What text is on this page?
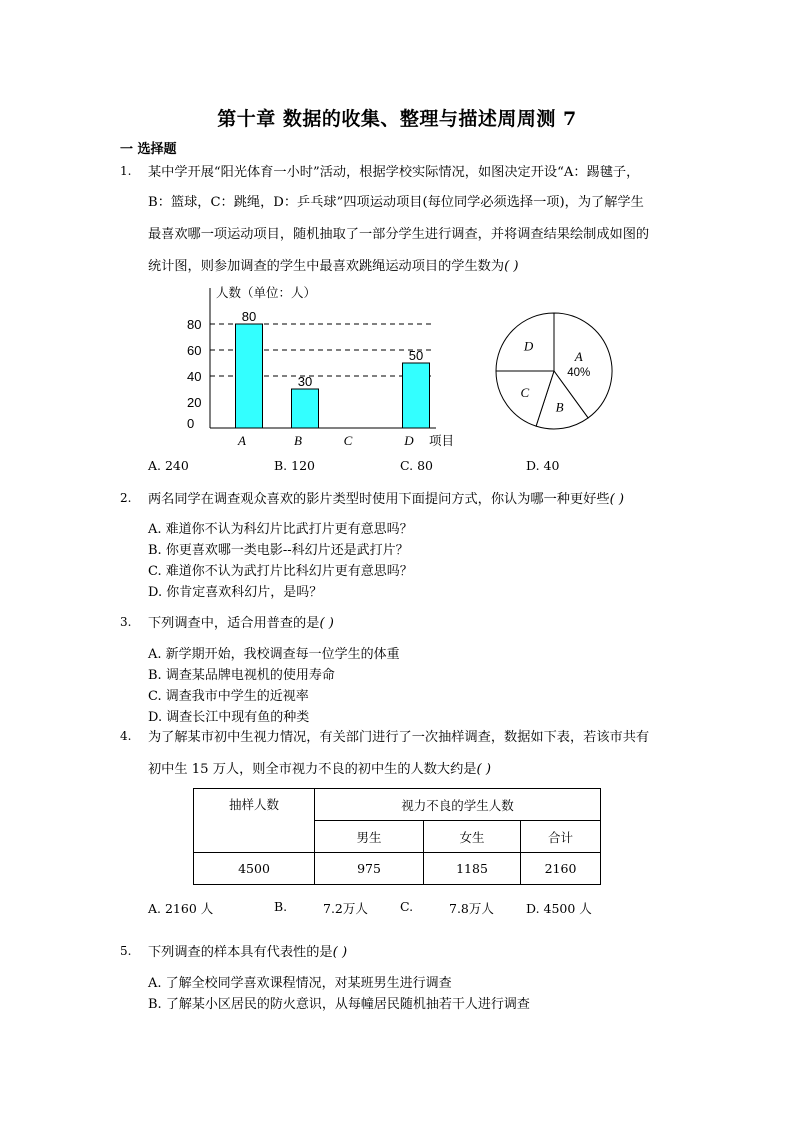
第十章 数据的收集、整理与描述周周测 7
一 选择题
1. 某中学开展“阳光体育一小时”活动，根据学校实际情况，如图决定开设“A：踢毽子，
B：篮球，C：跳绳，D：乒乓球”四项运动项目(每位同学必须选择一项)，为了解学生
最喜欢哪一项运动项目，随机抽取了一部分学生进行调查，并将调查结果绘制成如图的
统计图，则参加调查的学生中最喜欢跳绳运动项目的学生数为( )
人数（单位：人）
项目
0
20
40
60
80
80
A
30
B	C
50
D
A
40%
B
C
D
A. 240	B. 120	C. 80	D. 40
2. 两名同学在调查观众喜欢的影片类型时使用下面提问方式，你认为哪一种更好些( )
A. 难道你不认为科幻片比武打片更有意思吗？
B. 你更喜欢哪一类电影--科幻片还是武打片？
C. 难道你不认为武打片比科幻片更有意思吗？
D. 你肯定喜欢科幻片，是吗？
3. 下列调查中，适合用普查的是( )
A. 新学期开始，我校调查每一位学生的体重
B. 调查某品牌电视机的使用寿命
C. 调查我市中学生的近视率
D. 调查长江中现有鱼的种类
4. 为了解某市初中生视力情况，有关部门进行了一次抽样调查，数据如下表，若该市共有
初中生 15 万人，则全市视力不良的初中生的人数大约是( )
抽样人数	视力不良的学生人数		
	男生	女生	合计
4500	975	1185	2160
A. 2160 人	B.	7.2万人	C.	7.8万人	D. 4500 人
5. 下列调查的样本具有代表性的是( )
A. 了解全校同学喜欢课程情况，对某班男生进行调查
B. 了解某小区居民的防火意识，从每幢居民随机抽若干人进行调查
